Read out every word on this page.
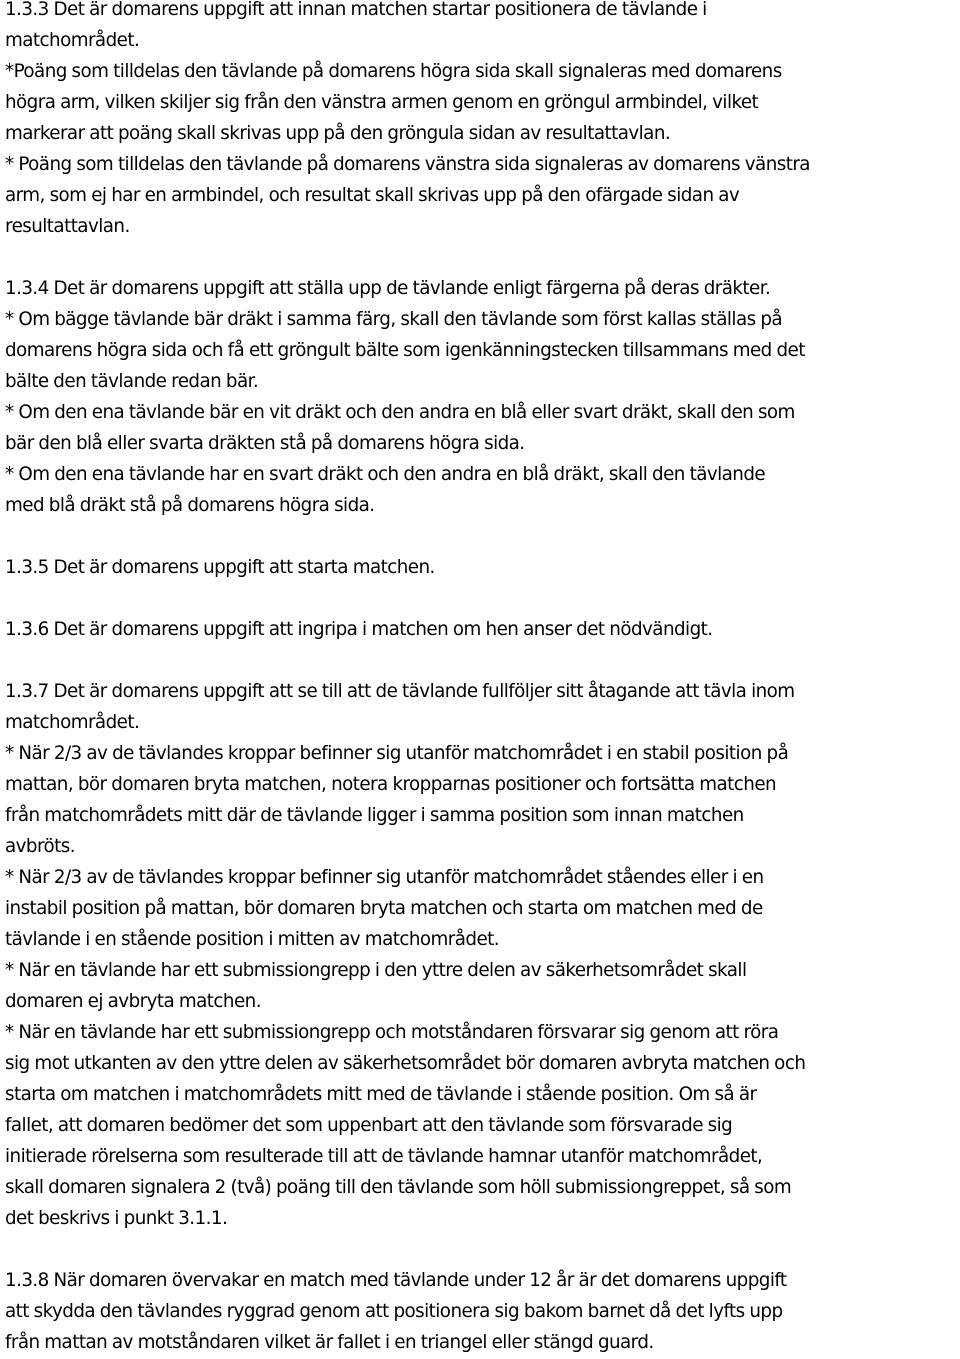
1.3.3 Det är domarens uppgift att innan matchen startar positionera de tävlande i
matchområdet.
*Poäng som tilldelas den tävlande på domarens högra sida skall signaleras med domarens
högra arm, vilken skiljer sig från den vänstra armen genom en gröngul armbindel, vilket
markerar att poäng skall skrivas upp på den gröngula sidan av resultattavlan.
* Poäng som tilldelas den tävlande på domarens vänstra sida signaleras av domarens vänstra
arm, som ej har en armbindel, och resultat skall skrivas upp på den ofärgade sidan av
resultattavlan.
1.3.4 Det är domarens uppgift att ställa upp de tävlande enligt färgerna på deras dräkter.
* Om bägge tävlande bär dräkt i samma färg, skall den tävlande som först kallas ställas på
domarens högra sida och få ett gröngult bälte som igenkänningstecken tillsammans med det
bälte den tävlande redan bär.
* Om den ena tävlande bär en vit dräkt och den andra en blå eller svart dräkt, skall den som
bär den blå eller svarta dräkten stå på domarens högra sida.
* Om den ena tävlande har en svart dräkt och den andra en blå dräkt, skall den tävlande
med blå dräkt stå på domarens högra sida.
1.3.5 Det är domarens uppgift att starta matchen.
1.3.6 Det är domarens uppgift att ingripa i matchen om hen anser det nödvändigt.
1.3.7 Det är domarens uppgift att se till att de tävlande fullföljer sitt åtagande att tävla inom
matchområdet.
* När 2/3 av de tävlandes kroppar befinner sig utanför matchområdet i en stabil position på
mattan, bör domaren bryta matchen, notera kropparnas positioner och fortsätta matchen
från matchområdets mitt där de tävlande ligger i samma position som innan matchen
avbröts.
* När 2/3 av de tävlandes kroppar befinner sig utanför matchområdet ståendes eller i en
instabil position på mattan, bör domaren bryta matchen och starta om matchen med de
tävlande i en stående position i mitten av matchområdet.
* När en tävlande har ett submissiongrepp i den yttre delen av säkerhetsområdet skall
domaren ej avbryta matchen.
* När en tävlande har ett submissiongrepp och motståndaren försvarar sig genom att röra
sig mot utkanten av den yttre delen av säkerhetsområdet bör domaren avbryta matchen och
starta om matchen i matchområdets mitt med de tävlande i stående position. Om så är
fallet, att domaren bedömer det som uppenbart att den tävlande som försvarade sig
initierade rörelserna som resulterade till att de tävlande hamnar utanför matchområdet,
skall domaren signalera 2 (två) poäng till den tävlande som höll submissiongreppet, så som
det beskrivs i punkt 3.1.1.
1.3.8 När domaren övervakar en match med tävlande under 12 år är det domarens uppgift
att skydda den tävlandes ryggrad genom att positionera sig bakom barnet då det lyfts upp
från mattan av motståndaren vilket är fallet i en triangel eller stängd guard.
